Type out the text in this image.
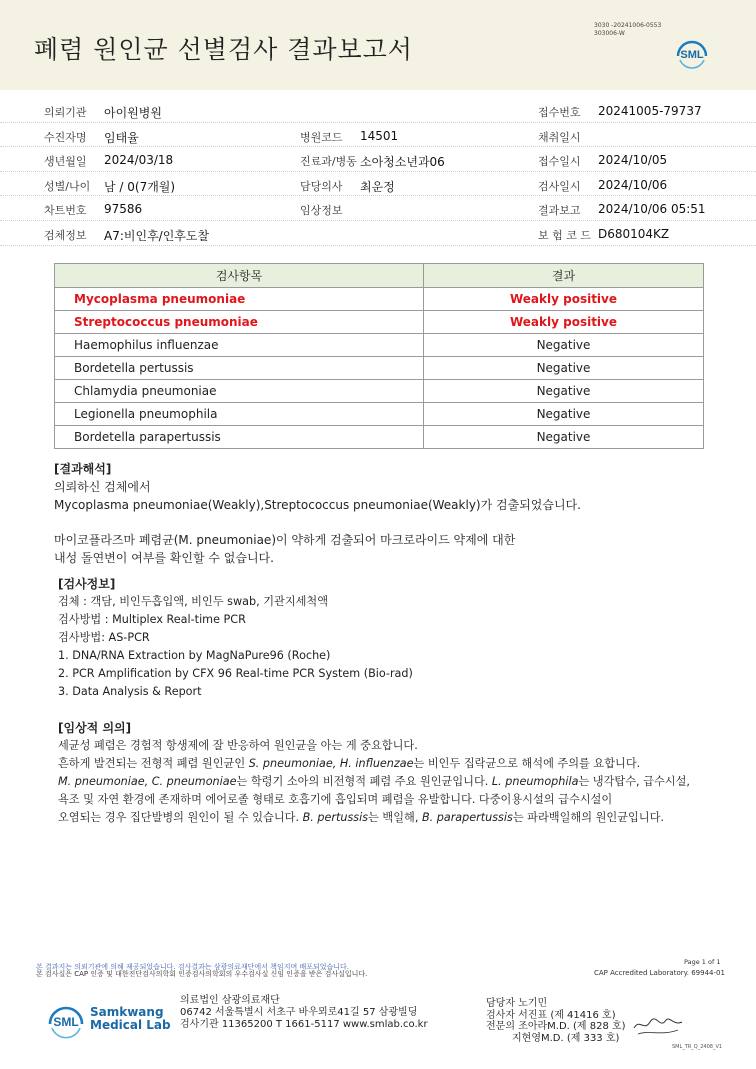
폐렴 원인균 선별검사 결과보고서
3030 -20241006-0553
303006-W
SML
의뢰기관 아이원병원	접수번호 20241005-79737
수진자명 임태율	병원코드 14501	채취일시
생년월일 2024/03/18	진료과/병동 소아청소년과06	접수일시 2024/10/05
성별/나이 남 / 0(7개월)	담당의사 최운정	검사일시 2024/10/06
차트번호 97586	임상정보	결과보고 2024/10/06 05:51
검체정보 A7:비인후/인후도찰	보 험 코 드 D680104KZ
검사항목	결과
Mycoplasma pneumoniae	Weakly positive
Streptococcus pneumoniae	Weakly positive
Haemophilus influenzae	Negative
Bordetella pertussis	Negative
Chlamydia pneumoniae	Negative
Legionella pneumophila	Negative
Bordetella parapertussis	Negative
[결과해석]
의뢰하신 검체에서
Mycoplasma pneumoniae(Weakly),Streptococcus pneumoniae(Weakly)가 검출되었습니다.
마이코플라즈마 폐렴균(M. pneumoniae)이 약하게 검출되어 마크로라이드 약제에 대한
내성 돌연변이 여부를 확인할 수 없습니다.
[검사정보]
검체 : 객담, 비인두흡입액, 비인두 swab, 기관지세척액
검사방법 : Multiplex Real-time PCR
검사방법: AS-PCR
1. DNA/RNA Extraction by MagNaPure96 (Roche)
2. PCR Amplification by CFX 96 Real-time PCR System (Bio-rad)
3. Data Analysis & Report
[임상적 의의]
세균성 폐렴은 경험적 항생제에 잘 반응하여 원인균을 아는 게 중요합니다.
흔하게 발견되는 전형적 폐렴 원인균인 S. pneumoniae, H. influenzae는 비인두 집락균으로 해석에 주의를 요합니다.
M. pneumoniae, C. pneumoniae는 학령기 소아의 비전형적 폐렴 주요 원인균입니다. L. pneumophila는 냉각탑수, 급수시설,
욕조 및 자연 환경에 존재하며 에어로졸 형태로 호흡기에 흡입되며 폐렴을 유발합니다. 다중이용시설의 급수시설이
오염되는 경우 집단발병의 원인이 될 수 있습니다. B. pertussis는 백일해, B. parapertussis는 파라백일해의 원인균입니다.
본 결과지는 의뢰기관에 의해 제공되었습니다. 검사결과는 삼광의료재단에서 책임지며 배포되었습니다.
본 검사실은 CAP 인증 및 대한진단검사의학회 인증검사의학회의 우수검사실 신임 인증을 받은 검사실입니다.
Page 1 of 1
CAP Accredited Laboratory. 69944-01
SML
Samkwang
Medical Lab
의료법인 삼광의료재단
06742 서울특별시 서초구 바우뫼로41길 57 삼광빌딩
검사기관 11365200 T 1661-5117 www.smlab.co.kr
담당자 노기민
검사자 서진표 (제 41416 호)
전문의 조아라M.D. (제 828 호)
지현영M.D. (제 333 호)
SML_TR_Q_2408_V1
